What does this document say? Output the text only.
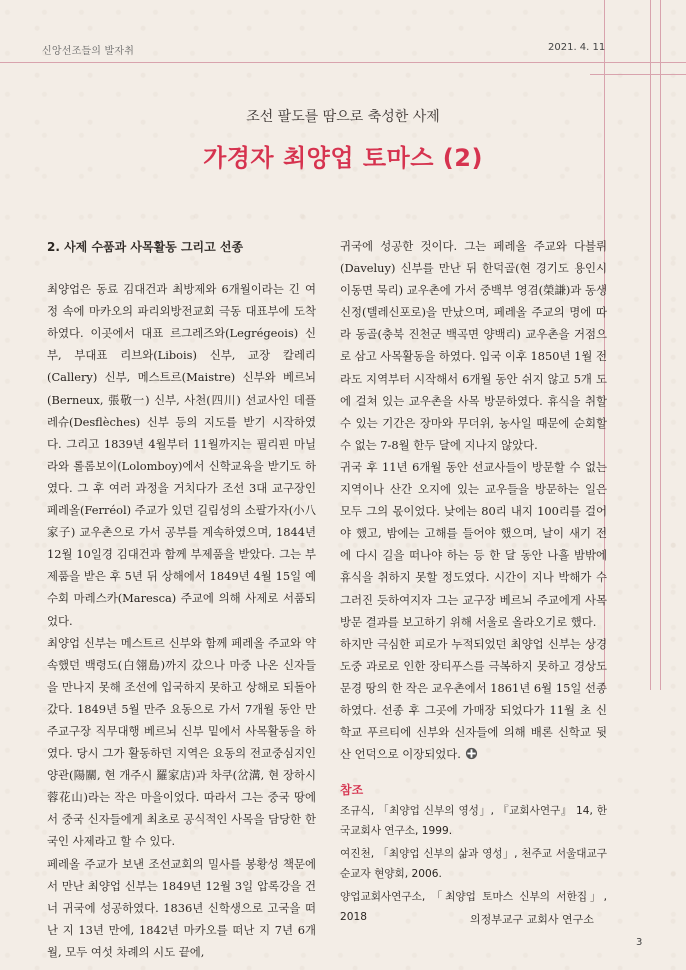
신앙선조들의 발자취	2021. 4. 11
조선 팔도를 땀으로 축성한 사제
가경자 최양업 토마스 (2)
2. 사제 수품과 사목활동 그리고 선종

최양업은 동료 김대건과 최방제와 6개월이라는 긴 여정 속에 마카오의 파리외방전교회 극동 대표부에 도착하였다. 이곳에서 대표 르그레즈와(Legrégeois) 신부, 부대표 리브와(Libois) 신부, 교장 칼레리(Callery) 신부, 메스트르(Maistre) 신부와 베르뇌(Berneux, 張敬一) 신부, 사천(四川) 선교사인 데플레슈(Desflèches) 신부 등의 지도를 받기 시작하였다. 그리고 1839년 4월부터 11월까지는 필리핀 마닐라와 롤롬보이(Lolomboy)에서 신학교육을 받기도 하였다. 그 후 여러 과정을 거치다가 조선 3대 교구장인 페레올(Ferréol) 주교가 있던 길림성의 소팔가자(小八家子) 교우촌으로 가서 공부를 계속하였으며, 1844년 12월 10일경 김대건과 함께 부제품을 받았다. 그는 부제품을 받은 후 5년 뒤 상해에서 1849년 4월 15일 예수회 마레스카(Maresca) 주교에 의해 사제로 서품되었다.

최양업 신부는 메스트르 신부와 함께 페레올 주교와 약속했던 백령도(白翎島)까지 갔으나 마중 나온 신자들을 만나지 못해 조선에 입국하지 못하고 상해로 되돌아갔다. 1849년 5월 만주 요동으로 가서 7개월 동안 만주교구장 직무대행 베르뇌 신부 밑에서 사목활동을 하였다. 당시 그가 활동하던 지역은 요동의 전교중심지인 양관(陽關, 현 개주시 羅家店)과 차쿠(岔溝, 현 장하시 蓉花山)라는 작은 마을이었다. 따라서 그는 중국 땅에서 중국 신자들에게 최초로 공식적인 사목을 담당한 한국인 사제라고 할 수 있다.

페레올 주교가 보낸 조선교회의 밀사를 봉황성 책문에서 만난 최양업 신부는 1849년 12월 3일 압록강을 건너 귀국에 성공하였다. 1836년 신학생으로 고국을 떠난 지 13년 만에, 1842년 마카오를 떠난 지 7년 6개월, 모두 여섯 차례의 시도 끝에,

귀국에 성공한 것이다. 그는 페레올 주교와 다블뤼(Daveluy) 신부를 만난 뒤 한덕골(현 경기도 용인시 이동면 묵리) 교우촌에 가서 중백부 영겸(榮謙)과 동생 신정(텔레신포로)을 만났으며, 페레올 주교의 명에 따라 동골(충북 진천군 백곡면 양백리) 교우촌을 거점으로 삼고 사목활동을 하였다. 입국 이후 1850년 1월 전라도 지역부터 시작해서 6개월 동안 쉬지 않고 5개 도에 걸쳐 있는 교우촌을 사목 방문하였다. 휴식을 취할 수 있는 기간은 장마와 무더위, 농사일 때문에 순회할 수 없는 7-8월 한두 달에 지나지 않았다.

귀국 후 11년 6개월 동안 선교사들이 방문할 수 없는 지역이나 산간 오지에 있는 교우들을 방문하는 일은 모두 그의 몫이었다. 낮에는 80리 내지 100리를 걸어야 했고, 밤에는 고해를 들어야 했으며, 날이 새기 전에 다시 길을 떠나야 하는 등 한 달 동안 나흘 밤밖에 휴식을 취하지 못할 정도였다. 시간이 지나 박해가 수그러진 듯하여지자 그는 교구장 베르뇌 주교에게 사목방문 결과를 보고하기 위해 서울로 올라오기로 했다.

하지만 극심한 피로가 누적되었던 최양업 신부는 상경 도중 과로로 인한 장티푸스를 극복하지 못하고 경상도 문경 땅의 한 작은 교우촌에서 1861년 6월 15일 선종하였다. 선종 후 그곳에 가매장 되었다가 11월 초 신학교 푸르티에 신부와 신자들에 의해 배론 신학교 뒷산 언덕으로 이장되었다.

참조

조규식, 「최양업 신부의 영성」, 『교회사연구』 14, 한국교회사 연구소, 1999.

여진천, 「최양업 신부의 삶과 영성」, 천주교 서울대교구 순교자 현양회, 2006.

양업교회사연구소, 「최양업 토마스 신부의 서한집」, 2018	의정부교구 교회사 연구소
3
